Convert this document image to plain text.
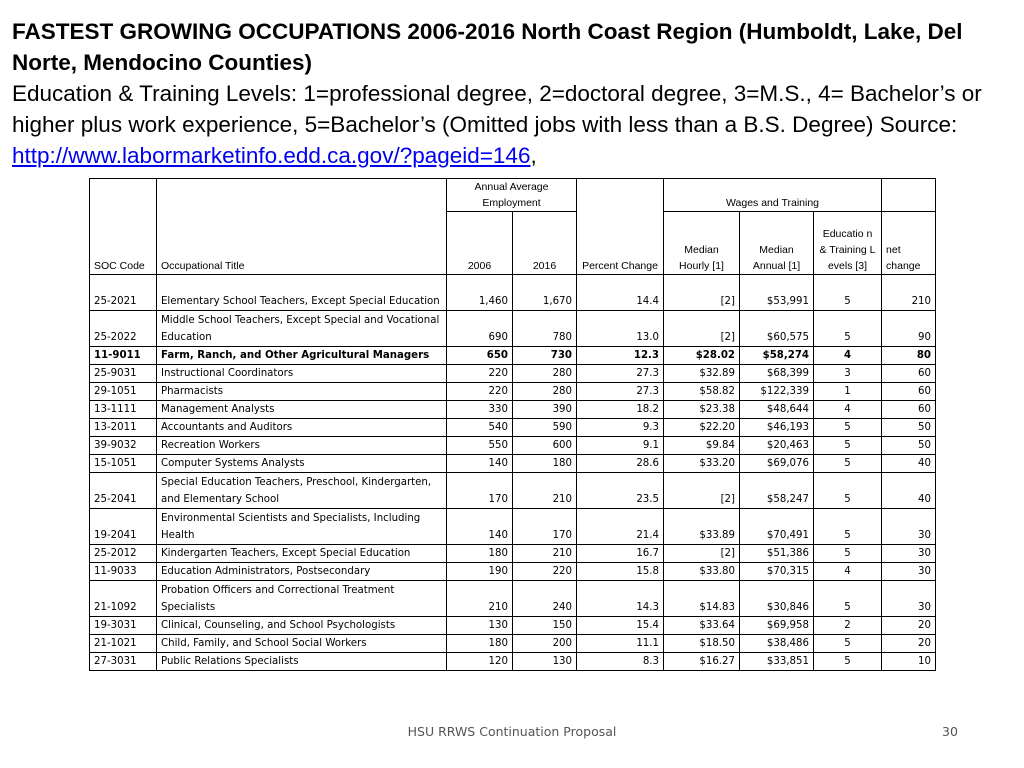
FASTEST GROWING OCCUPATIONS 2006-2016 North Coast Region (Humboldt, Lake, Del Norte, Mendocino Counties)
Education & Training Levels: 1=professional degree, 2=doctoral degree, 3=M.S., 4= Bachelor’s or higher plus work experience, 5=Bachelor’s (Omitted jobs with less than a B.S. Degree) Source: http://www.labormarketinfo.edd.ca.gov/?pageid=146,
SOC Code	Occupational Title	Annual Average Employment		Percent Change	Wages and Training			
		2006	2016		Median Hourly [1]	Median Annual [1]	Educatio n & Training Levels [3]	net change
25-2021	Elementary School Teachers, Except Special Education	1,460	1,670	14.4	[2]	$53,991	5	210
25-2022	Middle School Teachers, Except Special and Vocational Education	690	780	13.0	[2]	$60,575	5	90
11-9011	Farm, Ranch, and Other Agricultural Managers	650	730	12.3	$28.02	$58,274	4	80
25-9031	Instructional Coordinators	220	280	27.3	$32.89	$68,399	3	60
29-1051	Pharmacists	220	280	27.3	$58.82	$122,339	1	60
13-1111	Management Analysts	330	390	18.2	$23.38	$48,644	4	60
13-2011	Accountants and Auditors	540	590	9.3	$22.20	$46,193	5	50
39-9032	Recreation Workers	550	600	9.1	$9.84	$20,463	5	50
15-1051	Computer Systems Analysts	140	180	28.6	$33.20	$69,076	5	40
25-2041	Special Education Teachers, Preschool, Kindergarten, and Elementary School	170	210	23.5	[2]	$58,247	5	40
19-2041	Environmental Scientists and Specialists, Including Health	140	170	21.4	$33.89	$70,491	5	30
25-2012	Kindergarten Teachers, Except Special Education	180	210	16.7	[2]	$51,386	5	30
11-9033	Education Administrators, Postsecondary	190	220	15.8	$33.80	$70,315	4	30
21-1092	Probation Officers and Correctional Treatment Specialists	210	240	14.3	$14.83	$30,846	5	30
19-3031	Clinical, Counseling, and School Psychologists	130	150	15.4	$33.64	$69,958	2	20
21-1021	Child, Family, and School Social Workers	180	200	11.1	$18.50	$38,486	5	20
27-3031	Public Relations Specialists	120	130	8.3	$16.27	$33,851	5	10
HSU RRWS Continuation Proposal	30
